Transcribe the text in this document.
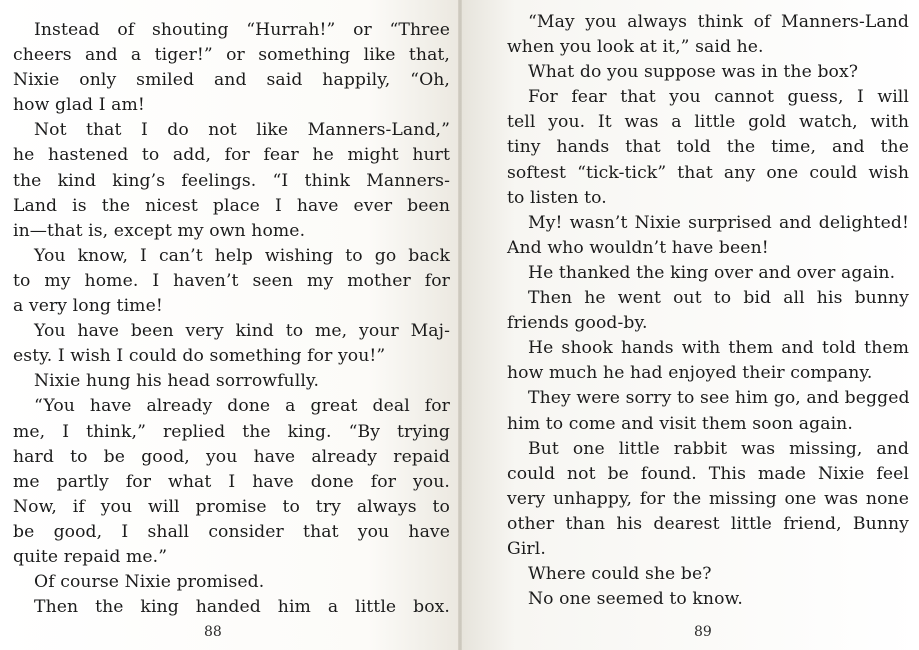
Instead of shouting “Hurrah!” or “Three
cheers and a tiger!” or something like that,
Nixie only smiled and said happily, “Oh,
how glad I am!
Not that I do not like Manners-Land,”
he hastened to add, for fear he might hurt
the kind king’s feelings. “I think Manners-
Land is the nicest place I have ever been
in—that is, except my own home.
You know, I can’t help wishing to go back
to my home. I haven’t seen my mother for
a very long time!
You have been very kind to me, your Maj-
esty. I wish I could do something for you!”
Nixie hung his head sorrowfully.
“You have already done a great deal for
me, I think,” replied the king. “By trying
hard to be good, you have already repaid
me partly for what I have done for you.
Now, if you will promise to try always to
be good, I shall consider that you have
quite repaid me.”
Of course Nixie promised.
Then the king handed him a little box.
88
“May you always think of Manners-Land
when you look at it,” said he.
What do you suppose was in the box?
For fear that you cannot guess, I will
tell you. It was a little gold watch, with
tiny hands that told the time, and the
softest “tick-tick” that any one could wish
to listen to.
My! wasn’t Nixie surprised and delighted!
And who wouldn’t have been!
He thanked the king over and over again.
Then he went out to bid all his bunny
friends good-by.
He shook hands with them and told them
how much he had enjoyed their company.
They were sorry to see him go, and begged
him to come and visit them soon again.
But one little rabbit was missing, and
could not be found. This made Nixie feel
very unhappy, for the missing one was none
other than his dearest little friend, Bunny
Girl.
Where could she be?
No one seemed to know.
89
